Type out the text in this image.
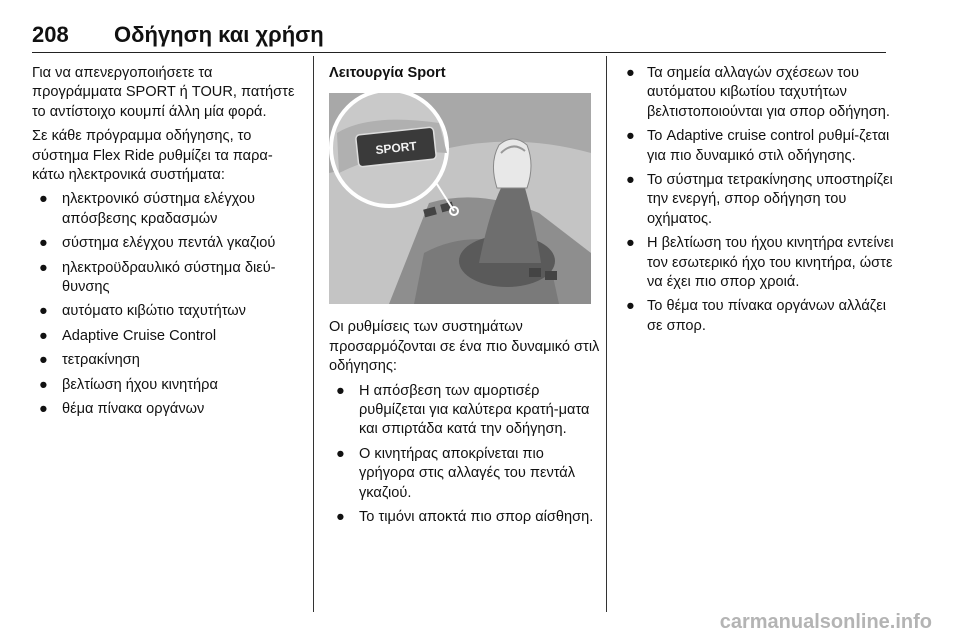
208 Οδήγηση και χρήση

Για να απενεργοποιήσετε τα προγράμματα SPORT ή TOUR, πατήστε το αντίστοιχο κουμπί άλλη μία φορά.

Σε κάθε πρόγραμμα οδήγησης, το σύστημα Flex Ride ρυθμίζει τα παρα-κάτω ηλεκτρονικά συστήματα:

● ηλεκτρονικό σύστημα ελέγχου απόσβεσης κραδασμών
● σύστημα ελέγχου πεντάλ γκαζιού
● ηλεκτροϋδραυλικό σύστημα διεύ-θυνσης
● αυτόματο κιβώτιο ταχυτήτων
● Adaptive Cruise Control
● τετρακίνηση
● βελτίωση ήχου κινητήρα
● θέμα πίνακα οργάνων

Λειτουργία Sport

SPORT

Οι ρυθμίσεις των συστημάτων προσαρμόζονται σε ένα πιο δυναμικό στιλ οδήγησης:

● Η απόσβεση των αμορτισέρ ρυθμίζεται για καλύτερα κρατή-ματα και σπιρτάδα κατά την οδήγηση.
● Ο κινητήρας αποκρίνεται πιο γρήγορα στις αλλαγές του πεντάλ γκαζιού.
● Το τιμόνι αποκτά πιο σπορ αίσθηση.
● Τα σημεία αλλαγών σχέσεων του αυτόματου κιβωτίου ταχυτήτων βελτιστοποιούνται για σπορ οδήγηση.
● Το Adaptive cruise control ρυθμί-ζεται για πιο δυναμικό στιλ οδήγησης.
● Το σύστημα τετρακίνησης υποστηρίζει την ενεργή, σπορ οδήγηση του οχήματος.
● Η βελτίωση του ήχου κινητήρα εντείνει τον εσωτερικό ήχο του κινητήρα, ώστε να έχει πιο σπορ χροιά.
● Το θέμα του πίνακα οργάνων αλλάζει σε σπορ.
carmanualsonline.info
